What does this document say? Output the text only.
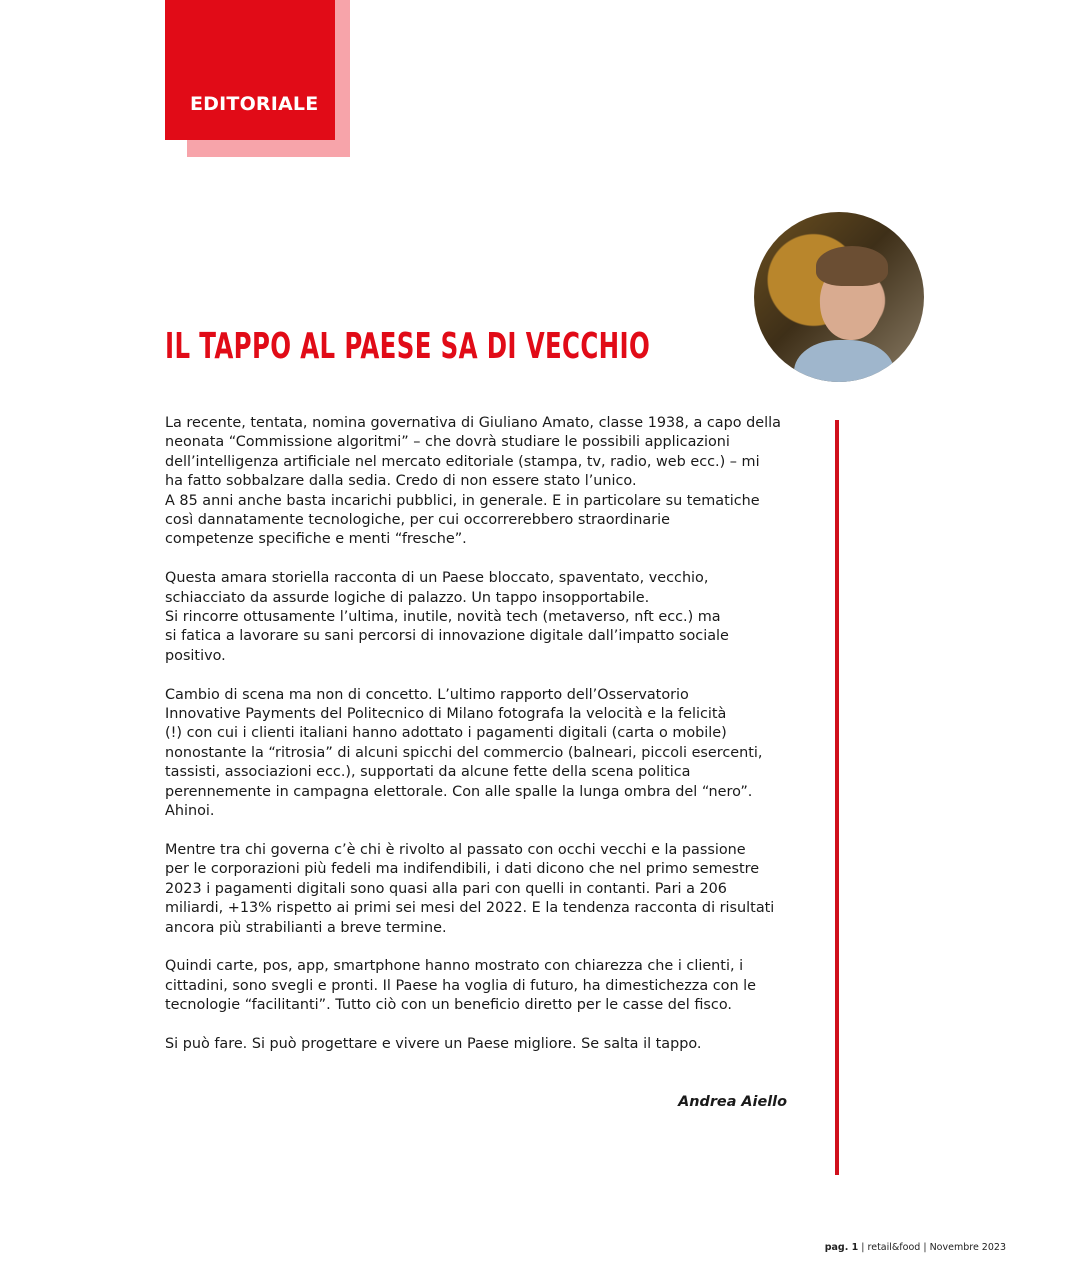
EDITORIALE
IL TAPPO AL PAESE SA DI VECCHIO

La recente, tentata, nomina governativa di Giuliano Amato, classe 1938, a capo della
neonata “Commissione algoritmi” – che dovrà studiare le possibili applicazioni
dell’intelligenza artificiale nel mercato editoriale (stampa, tv, radio, web ecc.) – mi
ha fatto sobbalzare dalla sedia. Credo di non essere stato l’unico.
A 85 anni anche basta incarichi pubblici, in generale. E in particolare su tematiche
così dannatamente tecnologiche, per cui occorrerebbero straordinarie
competenze specifiche e menti “fresche”.

Questa amara storiella racconta di un Paese bloccato, spaventato, vecchio,
schiacciato da assurde logiche di palazzo. Un tappo insopportabile.
Si rincorre ottusamente l’ultima, inutile, novità tech (metaverso, nft ecc.) ma
si fatica a lavorare su sani percorsi di innovazione digitale dall’impatto sociale
positivo.

Cambio di scena ma non di concetto. L’ultimo rapporto dell’Osservatorio
Innovative Payments del Politecnico di Milano fotografa la velocità e la felicità
(!) con cui i clienti italiani hanno adottato i pagamenti digitali (carta o mobile)
nonostante la “ritrosia” di alcuni spicchi del commercio (balneari, piccoli esercenti,
tassisti, associazioni ecc.), supportati da alcune fette della scena politica
perennemente in campagna elettorale. Con alle spalle la lunga ombra del “nero”.
Ahinoi.

Mentre tra chi governa c’è chi è rivolto al passato con occhi vecchi e la passione
per le corporazioni più fedeli ma indifendibili, i dati dicono che nel primo semestre
2023 i pagamenti digitali sono quasi alla pari con quelli in contanti. Pari a 206
miliardi, +13% rispetto ai primi sei mesi del 2022. E la tendenza racconta di risultati
ancora più strabilianti a breve termine.

Quindi carte, pos, app, smartphone hanno mostrato con chiarezza che i clienti, i
cittadini, sono svegli e pronti. Il Paese ha voglia di futuro, ha dimestichezza con le
tecnologie “facilitanti”. Tutto ciò con un beneficio diretto per le casse del fisco.

Si può fare. Si può progettare e vivere un Paese migliore. Se salta il tappo.

Andrea Aiello
pag. 1 | retail&food | Novembre 2023
